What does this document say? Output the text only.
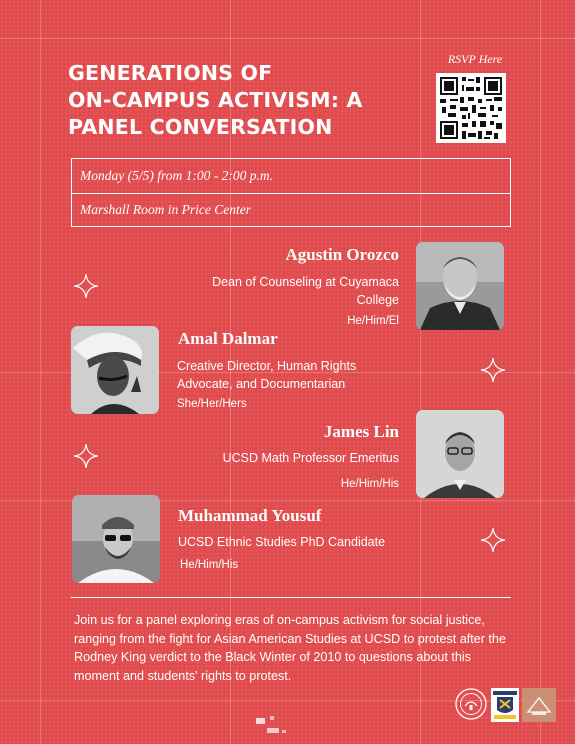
GENERATIONS OF
ON-CAMPUS ACTIVISM: A
PANEL CONVERSATION
RSVP Here
Monday (5/5) from 1:00 - 2:00 p.m.
Marshall Room in Price Center
Agustin Orozco
Dean of Counseling at Cuyamaca College
He/Him/El
Amal Dalmar
Creative Director, Human Rights Advocate, and Documentarian
She/Her/Hers
James Lin
UCSD Math Professor Emeritus
He/Him/His
Muhammad Yousuf
UCSD Ethnic Studies PhD Candidate
He/Him/His
Join us for a panel exploring eras of on-campus activism for social justice, ranging from the fight for Asian American Studies at UCSD to protest after the Rodney King verdict to the Black Winter of 2010 to questions about this moment and students' rights to protest.
